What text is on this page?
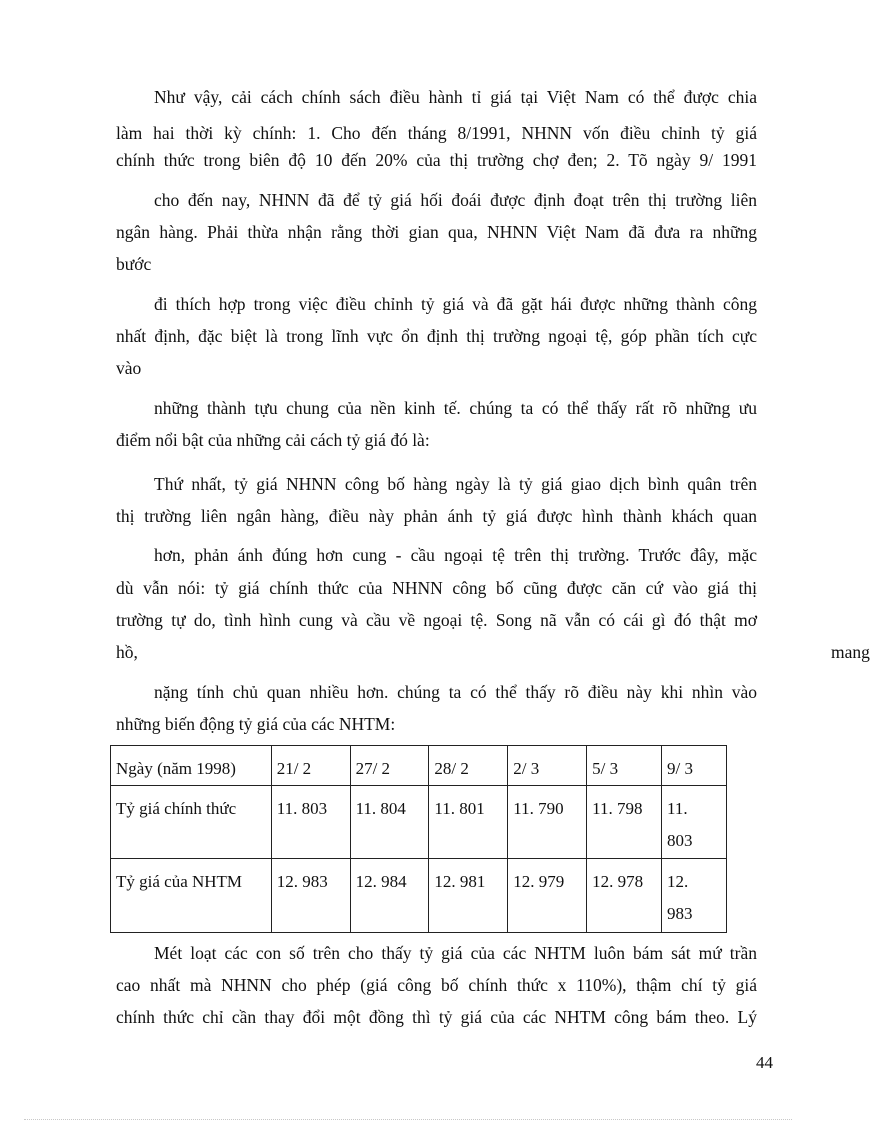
Như vậy, cải cách chính sách điều hành tỉ giá tại Việt Nam có thể được chia
làm hai thời kỳ chính: 1. Cho đến tháng 8/1991, NHNN vốn điều chỉnh tỷ giá
chính thức trong biên độ 10 đến 20% của thị trường chợ đen; 2. Tõ ngày 9/ 1991
cho đến nay, NHNN đã để tỷ giá hối đoái được định đoạt trên thị trường liên
ngân hàng. Phải thừa nhận rằng thời gian qua, NHNN Việt Nam đã đưa ra những
bước
đi thích hợp trong việc điều chỉnh tỷ giá và đã gặt hái được những thành công
nhất định, đặc biệt là trong lĩnh vực ổn định thị trường ngoại tệ, góp phần tích cực
vào
những thành tựu chung của nền kinh tế. chúng ta có thể thấy rất rõ những ưu
điểm nổi bật của những cải cách tỷ giá đó là:
Thứ nhất, tỷ giá NHNN công bố hàng ngày là tỷ giá giao dịch bình quân trên
thị trường liên ngân hàng, điều này phản ánh tỷ giá được hình thành khách quan
hơn, phản ánh đúng hơn cung - cầu ngoại tệ trên thị trường. Trước đây, mặc
dù vẫn nói: tỷ giá chính thức của NHNN công bố cũng được căn cứ vào giá thị
trường tự do, tình hình cung và cầu về ngoại tệ. Song nã vẫn có cái gì đó thật mơ
hồ,	mang
nặng tính chủ quan nhiều hơn. chúng ta có thể thấy rõ điều này khi nhìn vào
những biến động tỷ giá của các NHTM:
Ngày (năm 1998)	21/ 2	27/ 2	28/ 2	2/ 3	5/ 3	9/ 3
Tỷ giá chính thức	11. 803	11. 804	11. 801	11. 790	11. 798	11.
803

Tỷ giá của NHTM	12. 983	12. 984	12. 981	12. 979	12. 978	12.
983
Mét loạt các con số trên cho thấy tỷ giá của các NHTM luôn bám sát mứ trần
cao nhất mà NHNN cho phép (giá công bố chính thức x 110%), thậm chí tỷ giá
chính thức chỉ cần thay đổi một đồng thì tỷ giá của các NHTM công bám theo. Lý
44
